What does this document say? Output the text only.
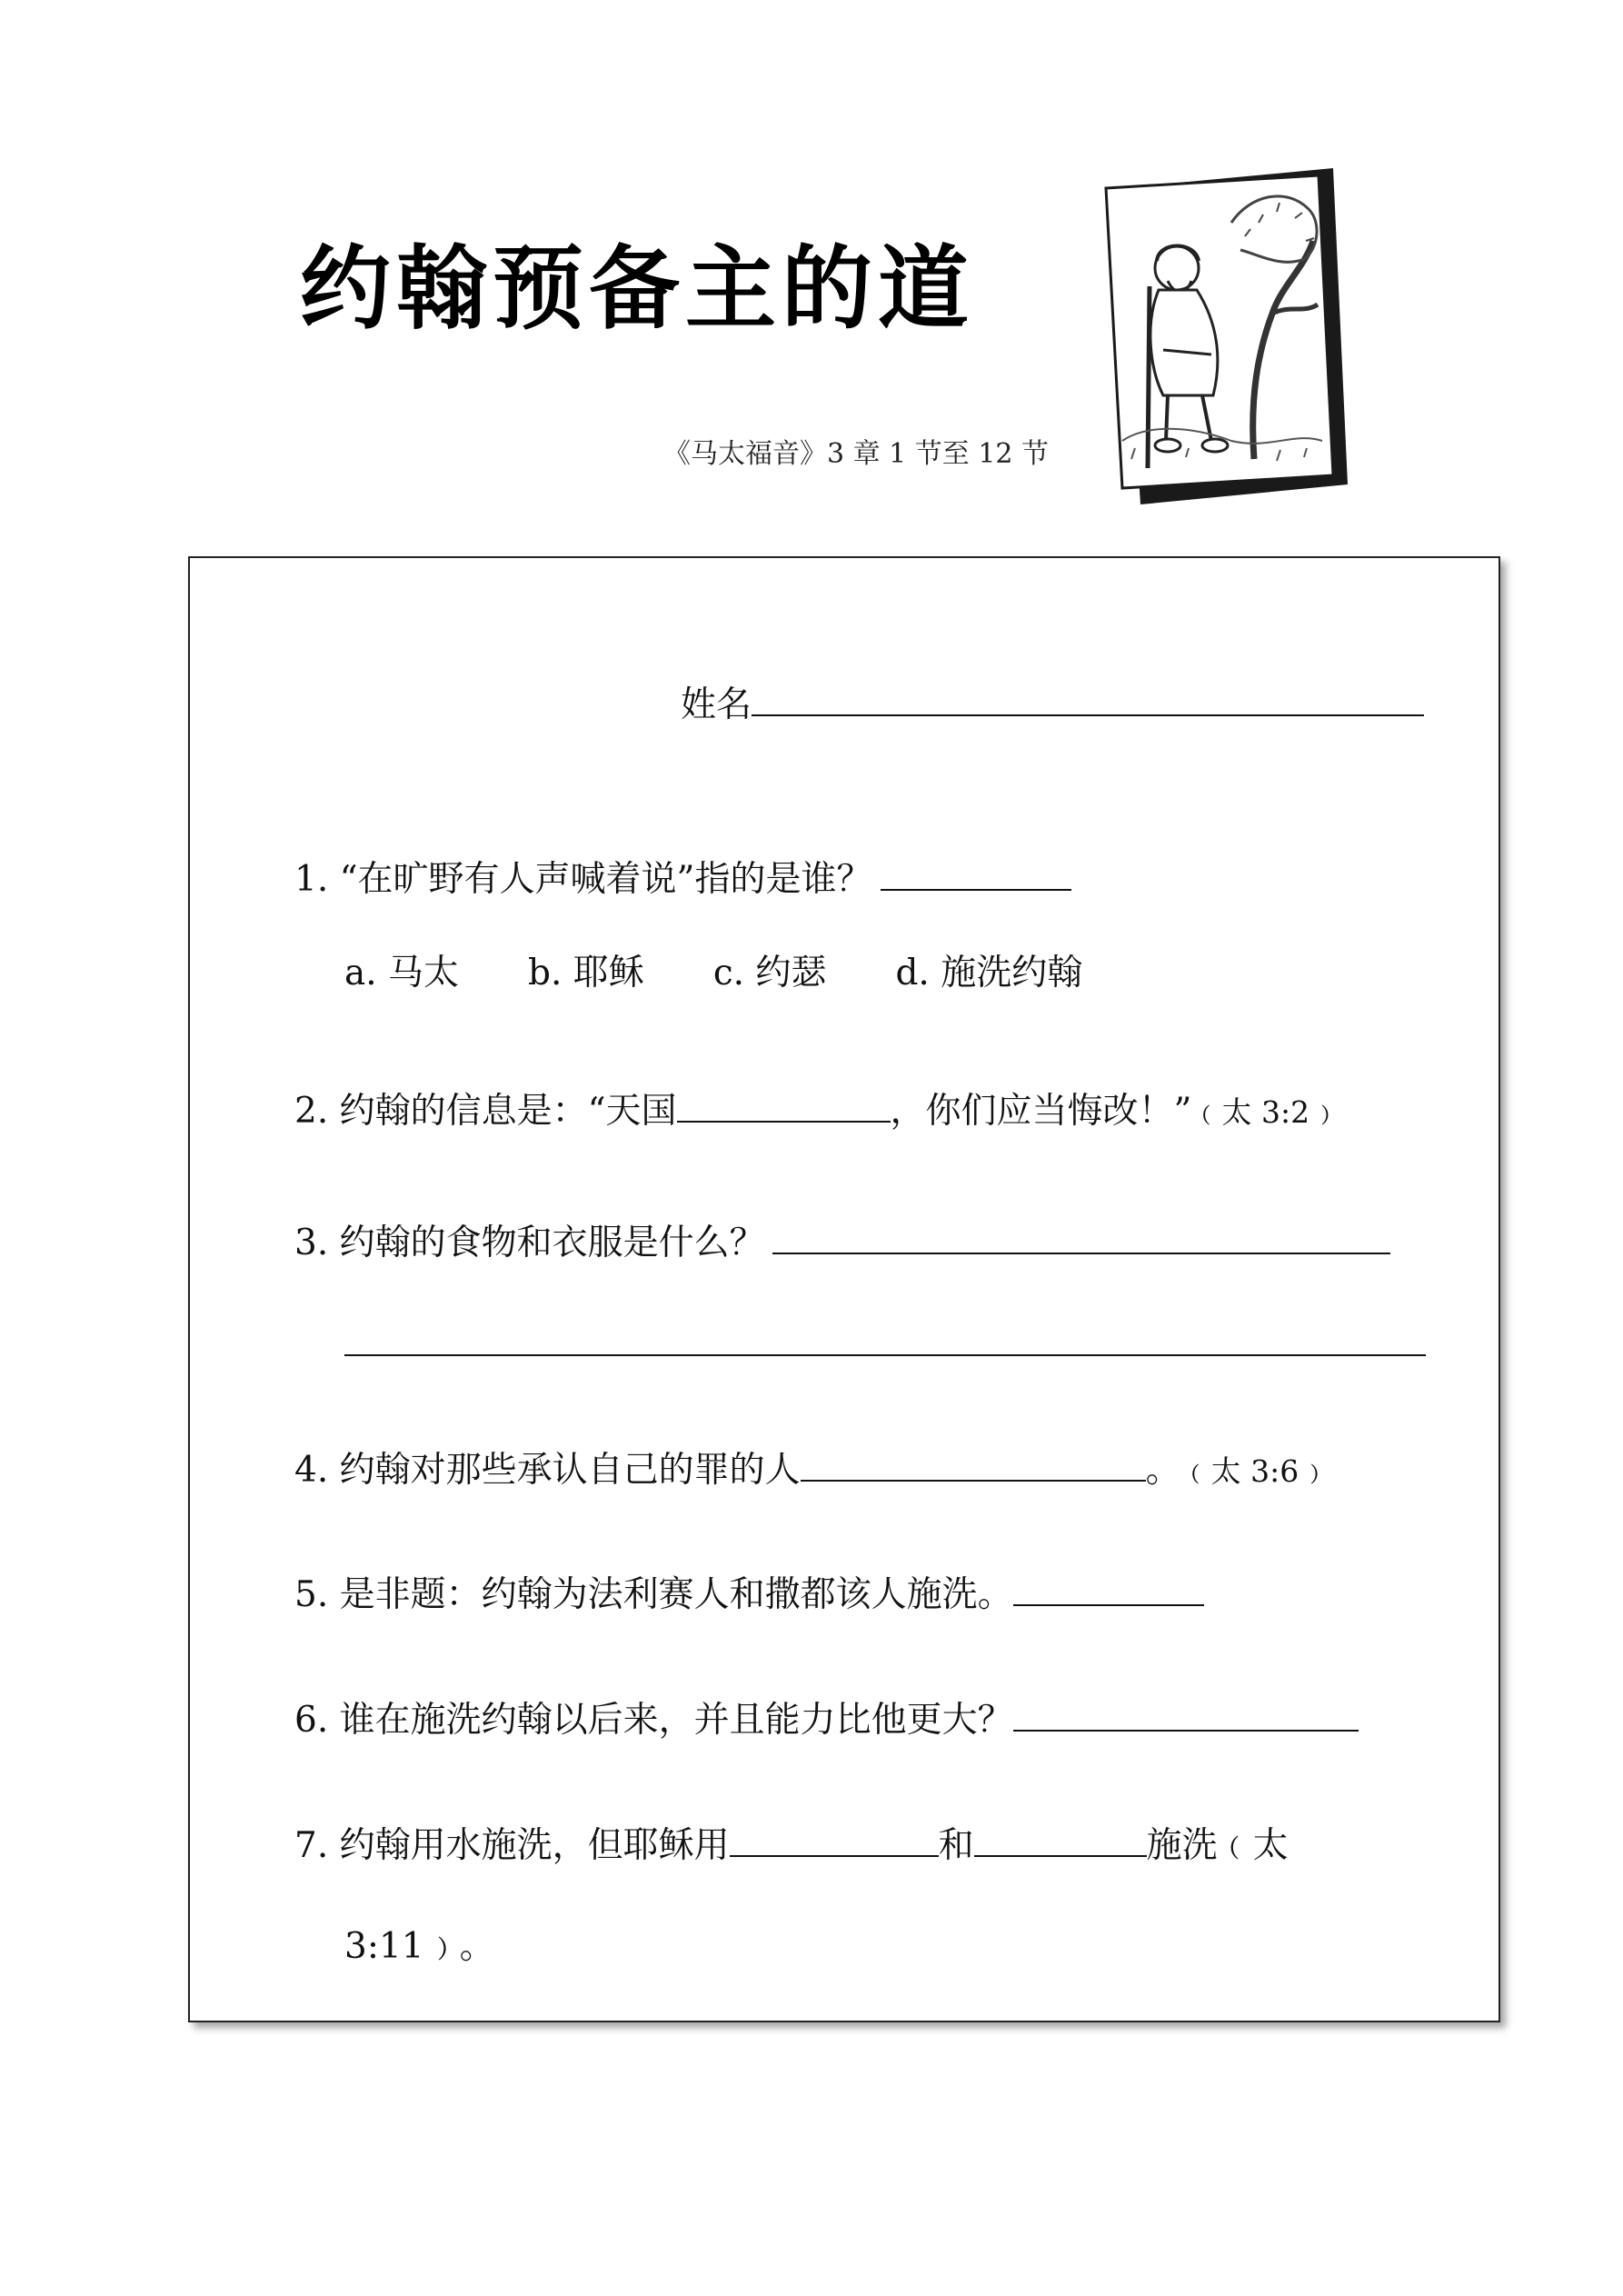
约翰预备主的道
《马太福音》3 章 1 节至 12 节
姓名
1. “在旷野有人声喊着说”指的是谁？
a. 马太 b. 耶稣 c. 约瑟 d. 施洗约翰
2. 约翰的信息是：“天国	，你们应当悔改！”﹙太 3:2﹚
3. 约翰的食物和衣服是什么？
4. 约翰对那些承认自己的罪的人	。﹙太 3:6﹚
5. 是非题：约翰为法利赛人和撒都该人施洗。
6. 谁在施洗约翰以后来，并且能力比他更大？
7. 约翰用水施洗，但耶稣用	和	施洗﹙太
3:11﹚。
